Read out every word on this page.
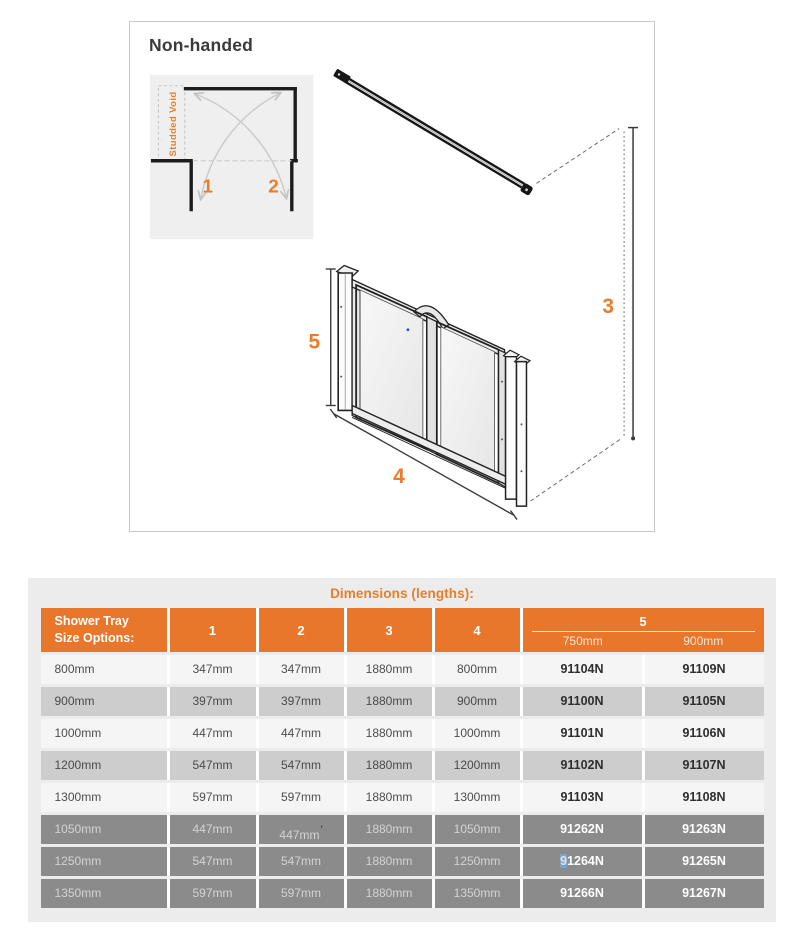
Non-handed
Studded Void
1	2
3
5
4
Dimensions (lengths):
Shower Tray Size Options:
1	2	3	4
5
750mm	900mm
800mm	347mm	347mm	1880mm	800mm	91104N	91109N
900mm	397mm	397mm	1880mm	900mm	91100N	91105N
1000mm	447mm	447mm	1880mm	1000mm	91101N	91106N
1200mm	547mm	547mm	1880mm	1200mm	91102N	91107N
1300mm	597mm	597mm	1880mm	1300mm	91103N	91108N
1050mm	447mm	447mm '	1880mm	1050mm	91262N	91263N
1250mm	547mm	547mm	1880mm	1250mm	91264N	91265N
1350mm	597mm	597mm	1880mm	1350mm	91266N	91267N
